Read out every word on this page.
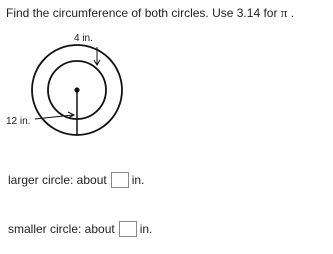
Find the circumference of both circles. Use 3.14 for π .
4 in.
12 in.
larger circle: about in.
smaller circle: about in.
